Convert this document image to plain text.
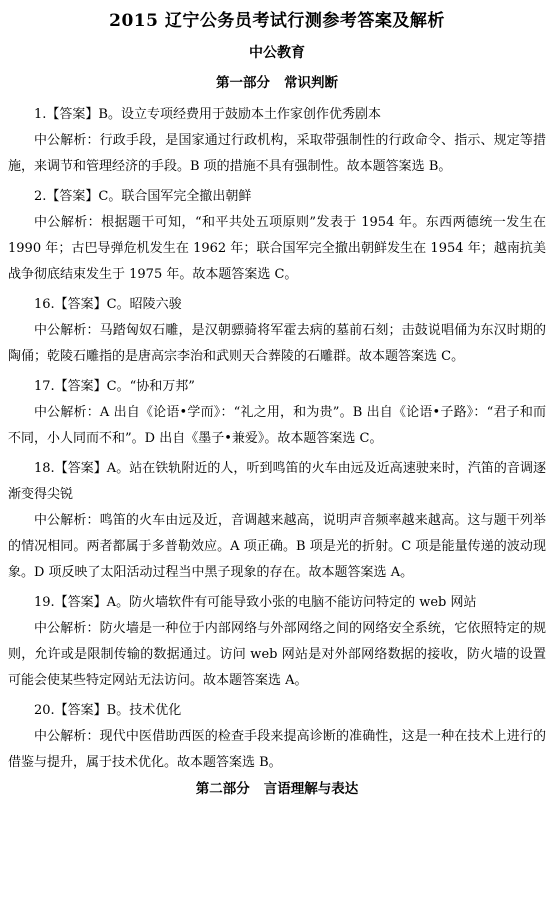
2015 辽宁公务员考试行测参考答案及解析
中公教育
第一部分 常识判断

1.【答案】B。设立专项经费用于鼓励本土作家创作优秀剧本

中公解析：行政手段，是国家通过行政机构，采取带强制性的行政命令、指示、规定等措施，来调节和管理经济的手段。B 项的措施不具有强制性。故本题答案选 B。

2.【答案】C。联合国军完全撤出朝鲜

中公解析：根据题干可知，“和平共处五项原则”发表于 1954 年。东西两德统一发生在 1990 年；古巴导弹危机发生在 1962 年；联合国军完全撤出朝鲜发生在 1954 年；越南抗美战争彻底结束发生于 1975 年。故本题答案选 C。

16.【答案】C。昭陵六骏

中公解析：马踏匈奴石雕，是汉朝骠骑将军霍去病的墓前石刻；击鼓说唱俑为东汉时期的陶俑；乾陵石雕指的是唐高宗李治和武则天合葬陵的石雕群。故本题答案选 C。

17.【答案】C。“协和万邦”

中公解析：A 出自《论语•学而》：“礼之用，和为贵”。B 出自《论语•子路》：“君子和而不同，小人同而不和”。D 出自《墨子•兼爱》。故本题答案选 C。

18.【答案】A。站在铁轨附近的人，听到鸣笛的火车由远及近高速驶来时，汽笛的音调逐渐变得尖锐

中公解析：鸣笛的火车由远及近，音调越来越高，说明声音频率越来越高。这与题干列举的情况相同。两者都属于多普勒效应。A 项正确。B 项是光的折射。C 项是能量传递的波动现象。D 项反映了太阳活动过程当中黑子现象的存在。故本题答案选 A。

19.【答案】A。防火墙软件有可能导致小张的电脑不能访问特定的 web 网站

中公解析：防火墙是一种位于内部网络与外部网络之间的网络安全系统，它依照特定的规则，允许或是限制传输的数据通过。访问 web 网站是对外部网络数据的接收，防火墙的设置可能会使某些特定网站无法访问。故本题答案选 A。

20.【答案】B。技术优化

中公解析：现代中医借助西医的检查手段来提高诊断的准确性，这是一种在技术上进行的借鉴与提升，属于技术优化。故本题答案选 B。

第二部分 言语理解与表达
